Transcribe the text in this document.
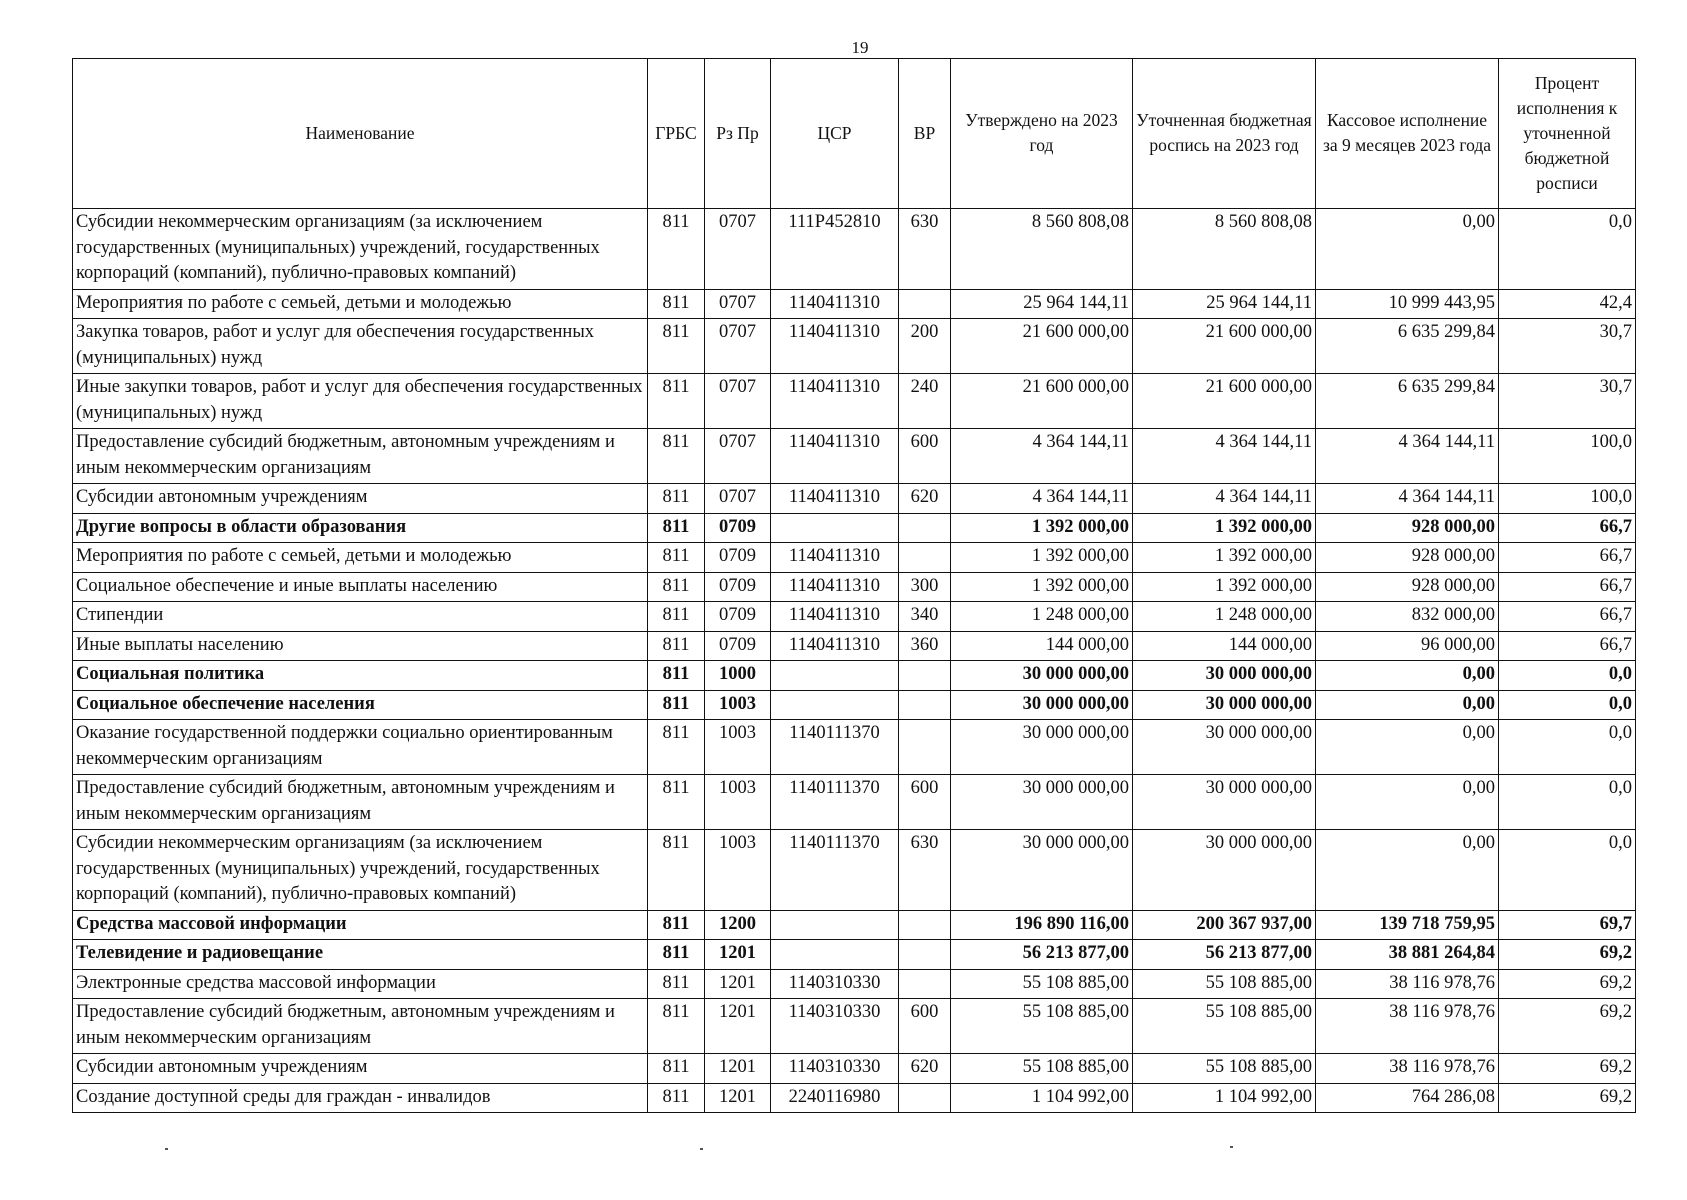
19
Наименование	ГРБС	Рз Пр	ЦСР	ВР	Утверждено на 2023 год	Уточненная бюджетная роспись на 2023 год	Кассовое исполнение за 9 месяцев 2023 года	Процент исполнения к уточненной бюджетной росписи
Субсидии некоммерческим организациям (за исключением государственных (муниципальных) учреждений, государственных корпораций (компаний), публично-правовых компаний)	811	0707	111P452810	630	8 560 808,08	8 560 808,08	0,00	0,0
Мероприятия по работе с семьей, детьми и молодежью	811	0707	1140411310		25 964 144,11	25 964 144,11	10 999 443,95	42,4
Закупка товаров, работ и услуг для обеспечения государственных (муниципальных) нужд	811	0707	1140411310	200	21 600 000,00	21 600 000,00	6 635 299,84	30,7
Иные закупки товаров, работ и услуг для обеспечения государственных (муниципальных) нужд	811	0707	1140411310	240	21 600 000,00	21 600 000,00	6 635 299,84	30,7
Предоставление субсидий бюджетным, автономным учреждениям и иным некоммерческим организациям	811	0707	1140411310	600	4 364 144,11	4 364 144,11	4 364 144,11	100,0
Субсидии автономным учреждениям	811	0707	1140411310	620	4 364 144,11	4 364 144,11	4 364 144,11	100,0
Другие вопросы в области образования	811	0709			1 392 000,00	1 392 000,00	928 000,00	66,7
Мероприятия по работе с семьей, детьми и молодежью	811	0709	1140411310		1 392 000,00	1 392 000,00	928 000,00	66,7
Социальное обеспечение и иные выплаты населению	811	0709	1140411310	300	1 392 000,00	1 392 000,00	928 000,00	66,7
Стипендии	811	0709	1140411310	340	1 248 000,00	1 248 000,00	832 000,00	66,7
Иные выплаты населению	811	0709	1140411310	360	144 000,00	144 000,00	96 000,00	66,7
Социальная политика	811	1000			30 000 000,00	30 000 000,00	0,00	0,0
Социальное обеспечение населения	811	1003			30 000 000,00	30 000 000,00	0,00	0,0
Оказание государственной поддержки социально ориентированным некоммерческим организациям	811	1003	1140111370		30 000 000,00	30 000 000,00	0,00	0,0
Предоставление субсидий бюджетным, автономным учреждениям и иным некоммерческим организациям	811	1003	1140111370	600	30 000 000,00	30 000 000,00	0,00	0,0
Субсидии некоммерческим организациям (за исключением государственных (муниципальных) учреждений, государственных корпораций (компаний), публично-правовых компаний)	811	1003	1140111370	630	30 000 000,00	30 000 000,00	0,00	0,0
Средства массовой информации	811	1200			196 890 116,00	200 367 937,00	139 718 759,95	69,7
Телевидение и радиовещание	811	1201			56 213 877,00	56 213 877,00	38 881 264,84	69,2
Электронные средства массовой информации	811	1201	1140310330		55 108 885,00	55 108 885,00	38 116 978,76	69,2
Предоставление субсидий бюджетным, автономным учреждениям и иным некоммерческим организациям	811	1201	1140310330	600	55 108 885,00	55 108 885,00	38 116 978,76	69,2
Субсидии автономным учреждениям	811	1201	1140310330	620	55 108 885,00	55 108 885,00	38 116 978,76	69,2
Создание доступной среды для граждан - инвалидов	811	1201	2240116980		1 104 992,00	1 104 992,00	764 286,08	69,2
